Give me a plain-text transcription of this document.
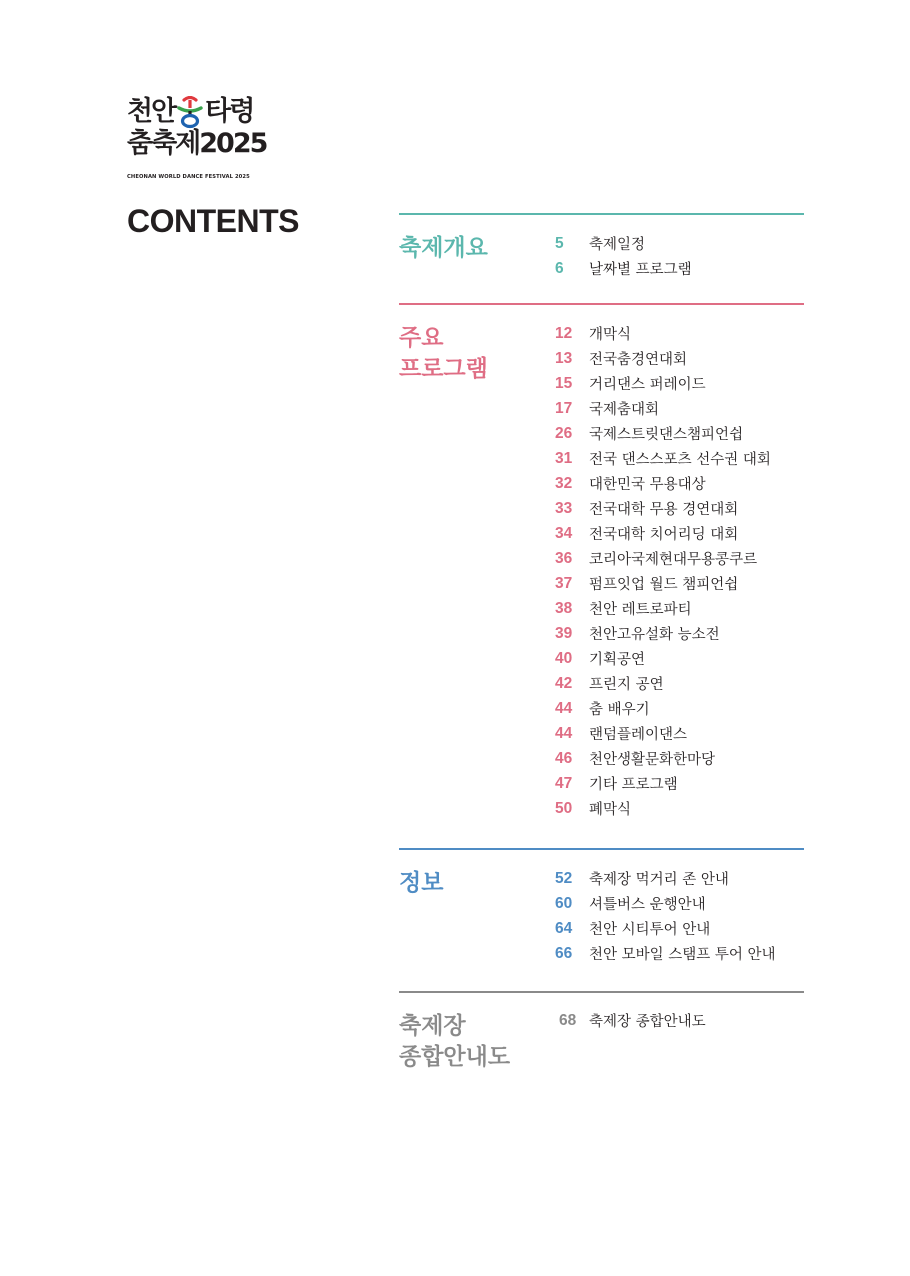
천안 타령
춤축제2025
CHEONAN WORLD DANCE FESTIVAL 2025
CONTENTS
축제개요	5	축제일정
6	날짜별 프로그램
주요
프로그램
12	개막식
13	전국춤경연대회
15	거리댄스 퍼레이드
17	국제춤대회
26	국제스트릿댄스챔피언쉽
31	전국 댄스스포츠 선수권 대회
32	대한민국 무용대상
33	전국대학 무용 경연대회
34	전국대학 치어리딩 대회
36	코리아국제현대무용콩쿠르
37	펌프잇업 월드 챔피언쉽
38	천안 레트로파티
39	천안고유설화 능소전
40	기획공연
42	프린지 공연
44	춤 배우기
44	랜덤플레이댄스
46	천안생활문화한마당
47	기타 프로그램
50	폐막식
정보	52	축제장 먹거리 존 안내
60	셔틀버스 운행안내
64	천안 시티투어 안내
66	천안 모바일 스탬프 투어 안내
축제장
종합안내도
68 축제장 종합안내도
